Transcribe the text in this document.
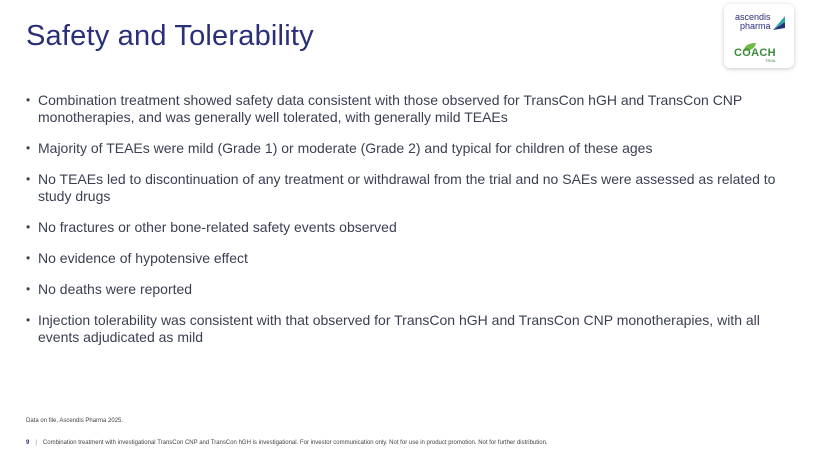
Safety and Tolerability
ascendis
pharma
COACH
TRIAL
• Combination treatment showed safety data consistent with those observed for TransCon hGH and TransCon CNP monotherapies, and was generally well tolerated, with generally mild TEAEs
• Majority of TEAEs were mild (Grade 1) or moderate (Grade 2) and typical for children of these ages
• No TEAEs led to discontinuation of any treatment or withdrawal from the trial and no SAEs were assessed as related to study drugs
• No fractures or other bone-related safety events observed
• No evidence of hypotensive effect
• No deaths were reported
• Injection tolerability was consistent with that observed for TransCon hGH and TransCon CNP monotherapies, with all events adjudicated as mild
Data on file, Ascendis Pharma 2025.
9 | Combination treatment with investigational TransCon CNP and TransCon hGH is investigational. For investor communication only. Not for use in product promotion. Not for further distribution.
